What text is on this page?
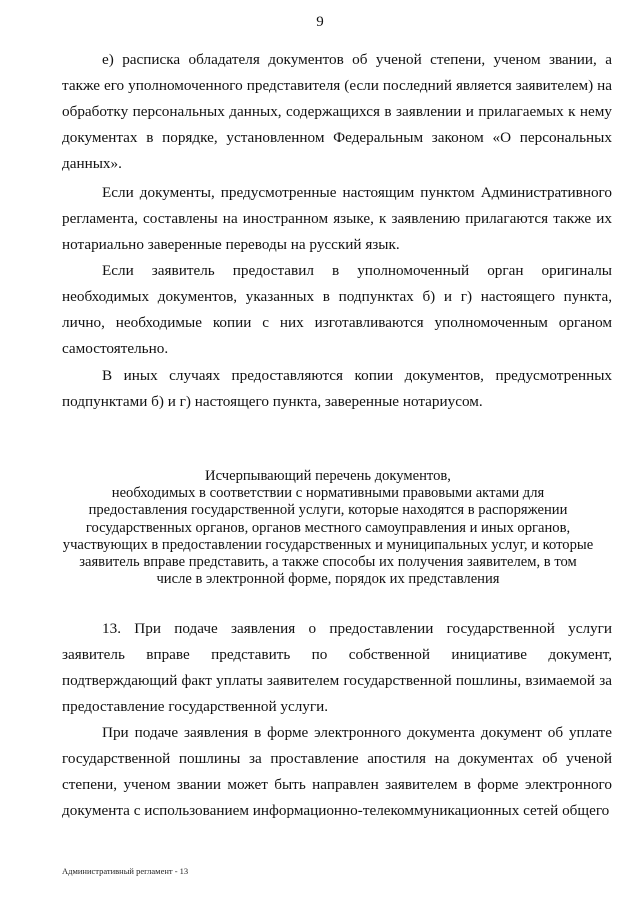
9

е) расписка обладателя документов об ученой степени, ученом звании, а также его уполномоченного представителя (если последний является заявителем) на обработку персональных данных, содержащихся в заявлении и прилагаемых к нему документах в порядке, установленном Федеральным законом «О персональных данных».

Если документы, предусмотренные настоящим пунктом Административного регламента, составлены на иностранном языке, к заявлению прилагаются также их нотариально заверенные переводы на русский язык.

Если заявитель предоставил в уполномоченный орган оригиналы необходимых документов, указанных в подпунктах б) и г) настоящего пункта, лично, необходимые копии с них изготавливаются уполномоченным органом самостоятельно.

В иных случаях предоставляются копии документов, предусмотренных подпунктами б) и г) настоящего пункта, заверенные нотариусом.

Исчерпывающий перечень документов,
необходимых в соответствии с нормативными правовыми актами для
предоставления государственной услуги, которые находятся в распоряжении
государственных органов, органов местного самоуправления и иных органов,
участвующих в предоставлении государственных и муниципальных услуг, и которые
заявитель вправе представить, а также способы их получения заявителем, в том
числе в электронной форме, порядок их представления

13. При подаче заявления о предоставлении государственной услуги заявитель вправе представить по собственной инициативе документ, подтверждающий факт уплаты заявителем государственной пошлины, взимаемой за предоставление государственной услуги.

При подаче заявления в форме электронного документа документ об уплате государственной пошлины за проставление апостиля на документах об ученой степени, ученом звании может быть направлен заявителем в форме электронного документа с использованием информационно-телекоммуникационных сетей общего

Административный регламент - 13
